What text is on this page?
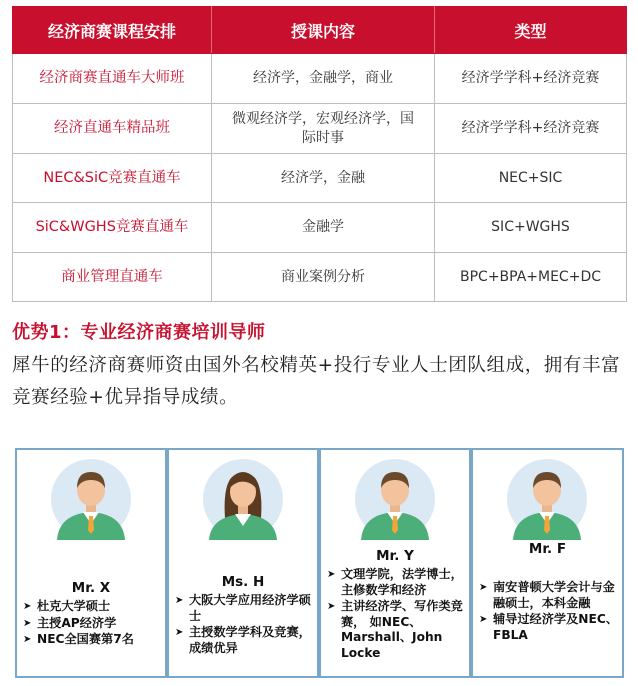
经济商赛课程安排	授课内容	类型
经济商赛直通车大师班	经济学，金融学，商业	经济学学科+经济竞赛
经济直通车精品班	微观经济学，宏观经济学，国际时事	经济学学科+经济竞赛
NEC&SiC竞赛直通车	经济学，金融	NEC+SIC
SiC&WGHS竞赛直通车	金融学	SIC+WGHS
商业管理直通车	商业案例分析	BPC+BPA+MEC+DC
优势1：专业经济商赛培训导师
犀牛的经济商赛师资由国外名校精英+投行专业人士团队组成，拥有丰富竞赛经验+优异指导成绩。
Mr. X
➤ 杜克大学硕士
➤ 主授AP经济学
➤ NEC全国赛第7名
Ms. H
➤ 大阪大学应用经济学硕士
➤ 主授数学学科及竞赛，成绩优异
Mr. Y
➤ 文理学院，法学博士，主修数学和经济
➤ 主讲经济学、写作类竞赛， 如NEC、Marshall、John Locke
Mr. F
➤ 南安普顿大学会计与金融硕士，本科金融
➤ 辅导过经济学及NEC、FBLA
